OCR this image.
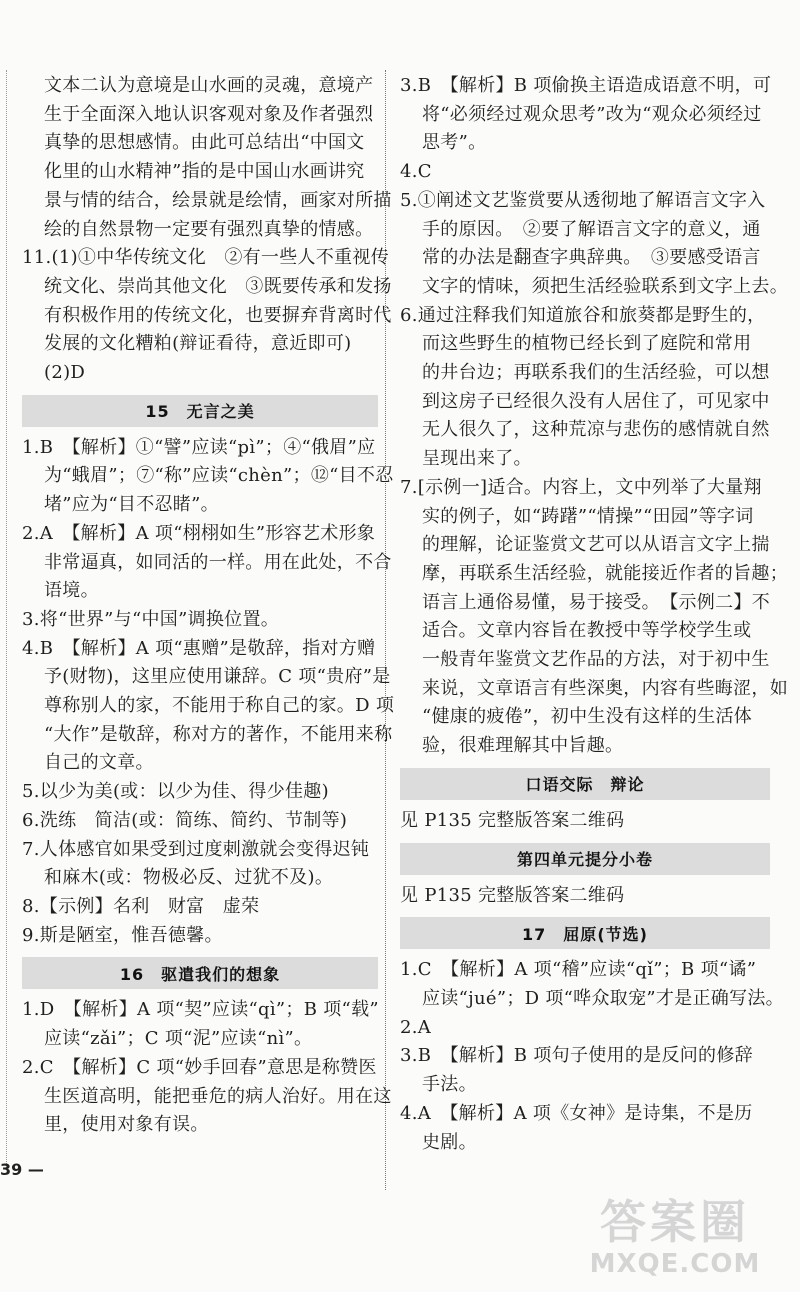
文本二认为意境是山水画的灵魂，意境产

生于全面深入地认识客观对象及作者强烈

真挚的思想感情。由此可总结出“中国文

化里的山水精神”指的是中国山水画讲究

景与情的结合，绘景就是绘情，画家对所描

绘的自然景物一定要有强烈真挚的情感。

11.(1)①中华传统文化　②有一些人不重视传

统文化、崇尚其他文化　③既要传承和发扬

有积极作用的传统文化，也要摒弃背离时代

发展的文化糟粕(辩证看待，意近即可)

(2)D

15　无言之美

1.B　【解析】①“譬”应读“pì”；④“俄眉”应

为“蛾眉”；⑦“称”应读“chèn”；⑫“目不忍

堵”应为“目不忍睹”。

2.A　【解析】A 项“栩栩如生”形容艺术形象

非常逼真，如同活的一样。用在此处，不合

语境。

3.将“世界”与“中国”调换位置。

4.B　【解析】A 项“惠赠”是敬辞，指对方赠

予(财物)，这里应使用谦辞。C 项“贵府”是

尊称别人的家，不能用于称自己的家。D 项

“大作”是敬辞，称对方的著作，不能用来称

自己的文章。

5.以少为美(或：以少为佳、得少佳趣)

6.洗练　简洁(或：简练、简约、节制等)

7.人体感官如果受到过度刺激就会变得迟钝

和麻木(或：物极必反、过犹不及)。

8.【示例】名利　财富　虚荣

9.斯是陋室，惟吾德馨。

16　驱遣我们的想象

1.D　【解析】A 项“契”应读“qì”；B 项“载”

应读“zǎi”；C 项“泥”应读“nì”。

2.C　【解析】C 项“妙手回春”意思是称赞医

生医道高明，能把垂危的病人治好。用在这

里，使用对象有误。

3.B　【解析】B 项偷换主语造成语意不明，可

将“必须经过观众思考”改为“观众必须经过

思考”。

4.C

5.①阐述文艺鉴赏要从透彻地了解语言文字入

手的原因。　②要了解语言文字的意义，通

常的办法是翻查字典辞典。　③要感受语言

文字的情味，须把生活经验联系到文字上去。

6.通过注释我们知道旅谷和旅葵都是野生的，

而这些野生的植物已经长到了庭院和常用

的井台边；再联系我们的生活经验，可以想

到这房子已经很久没有人居住了，可见家中

无人很久了，这种荒凉与悲伤的感情就自然

呈现出来了。

7.[示例一]适合。内容上，文中列举了大量翔

实的例子，如“踌躇”“情操”“田园”等字词

的理解，论证鉴赏文艺可以从语言文字上揣

摩，再联系生活经验，就能接近作者的旨趣；

语言上通俗易懂，易于接受。　【示例二】不

适合。文章内容旨在教授中等学校学生或

一般青年鉴赏文艺作品的方法，对于初中生

来说，文章语言有些深奥，内容有些晦涩，如

“健康的疲倦”，初中生没有这样的生活体

验，很难理解其中旨趣。

口语交际　辩论

见 P135 完整版答案二维码

第四单元提分小卷

见 P135 完整版答案二维码

17　屈原(节选)

1.C　【解析】A 项“稽”应读“qǐ”；B 项“谲”

应读“jué”；D 项“哗众取宠”才是正确写法。

2.A

3.B　【解析】B 项句子使用的是反问的修辞

手法。

4.A　【解析】A 项《女神》是诗集，不是历

史剧。

39 —
答案圈
MXQE.COM
